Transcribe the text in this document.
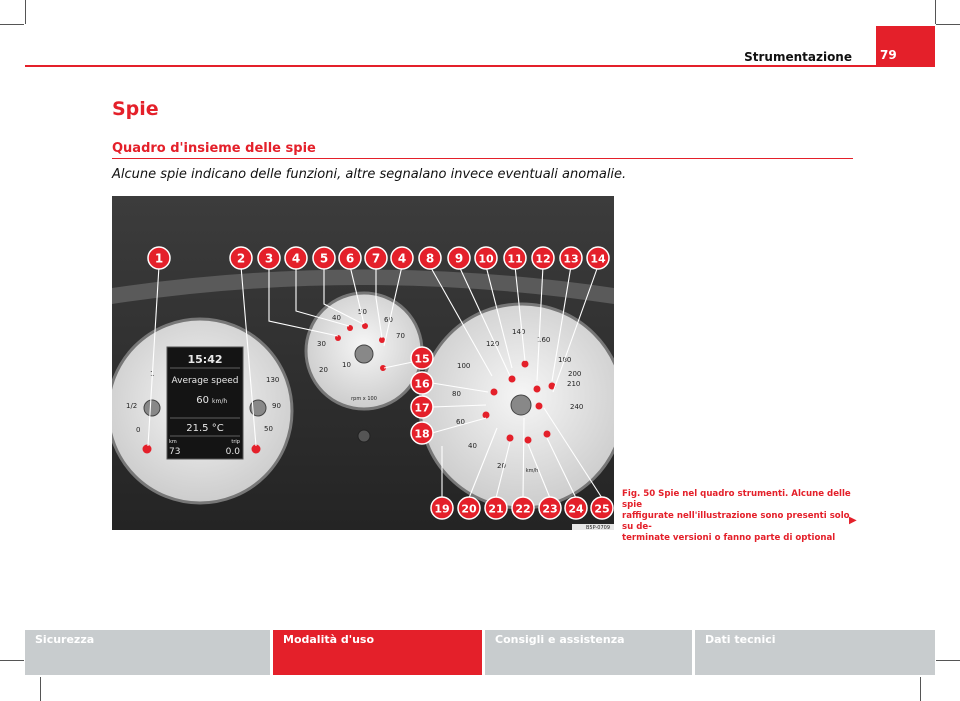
Strumentazione 79
Spie
Quadro d'insieme delle spie
Alcune spie indicano delle funzioni, altre segnalano invece eventuali anomalie.
15:42
Average speed
60 km/h
21.5 °C
km
73
trip
0.0
1/2
0
1
130
90
50
10
20
30
40
50
60
70
rpm x 100
20
40
60
80
100
120
140
160
180
200
210
240
km/h
1	2 3 4 5 6 7 4 8 9 10 11 12 13 14
15
16
17
18
19 20 21 22 23 24 25
B5P-0709
Fig. 50 Spie nel quadro strumenti. Alcune delle spie
raffigurate nell'illustrazione sono presenti solo su de-
terminate versioni o fanno parte di optional
▶
Sicurezza	Modalità d'uso	Consigli e assistenza	Dati tecnici
